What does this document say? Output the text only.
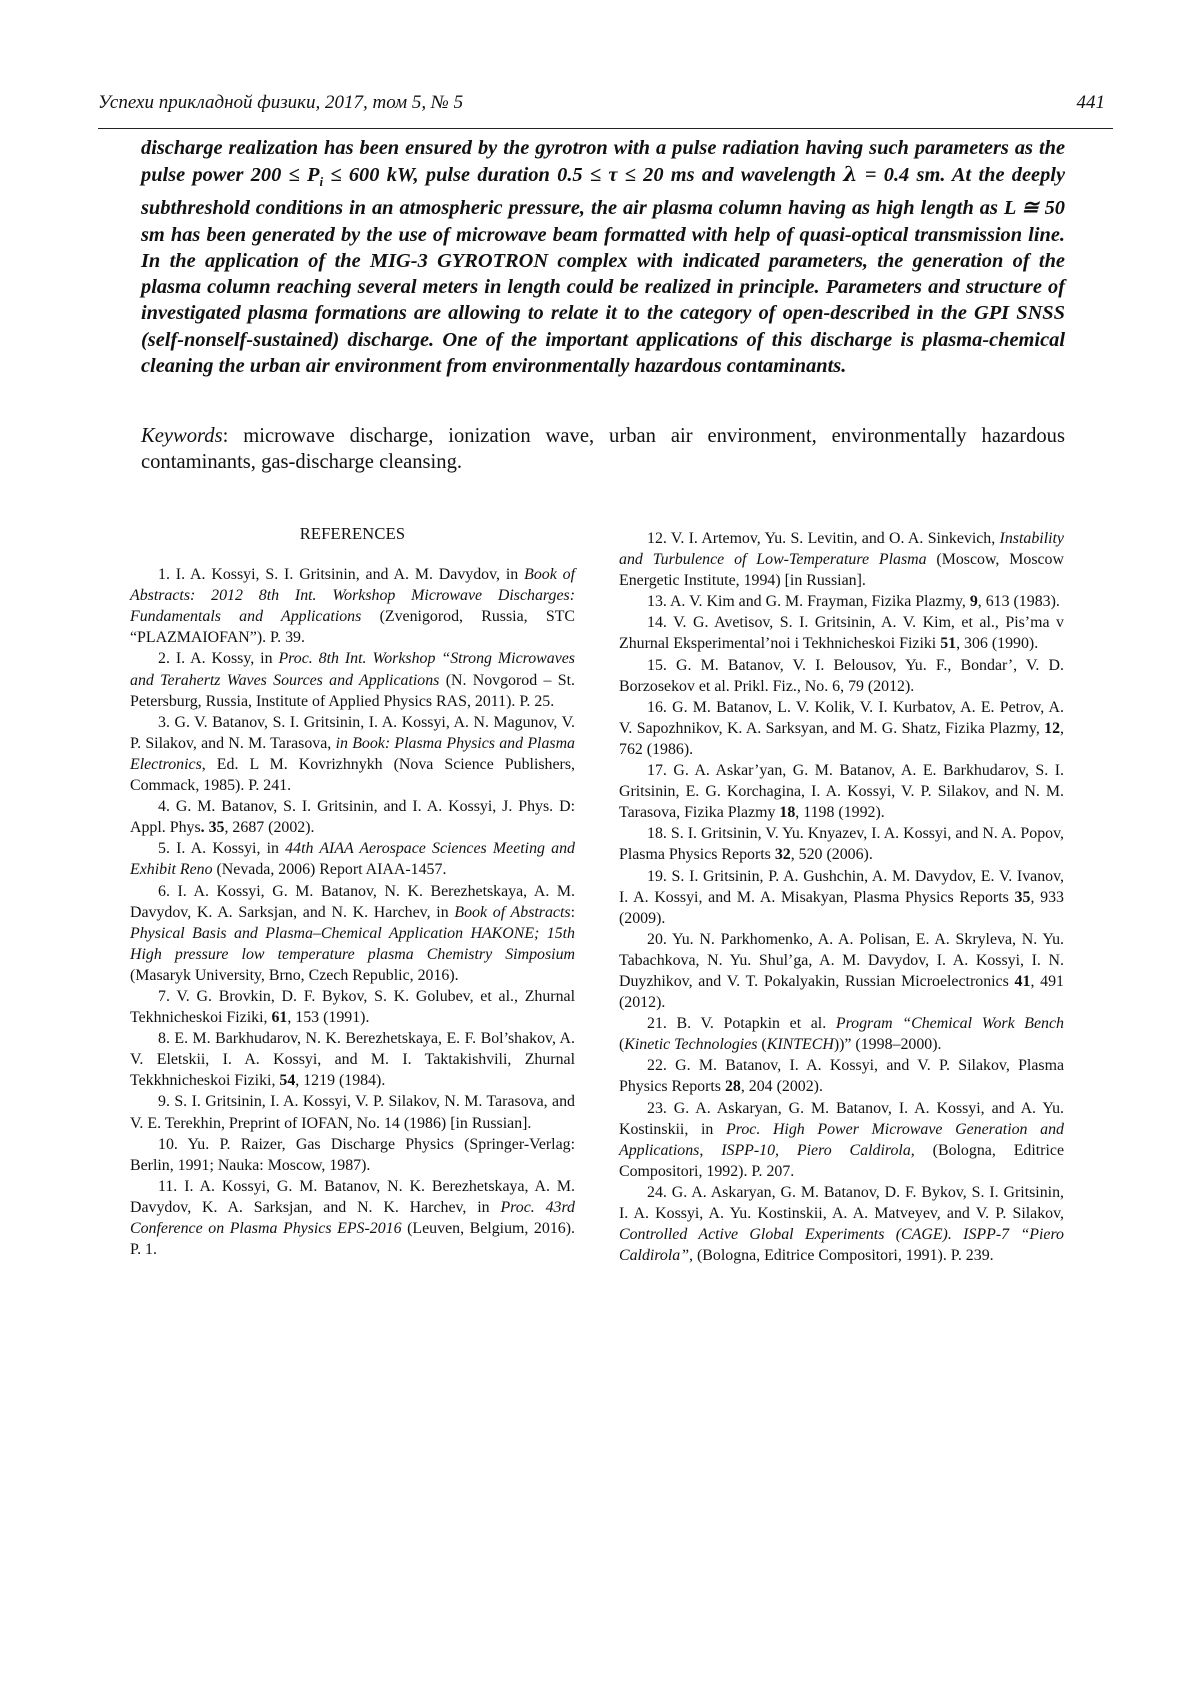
Успехи прикладной физики, 2017, том 5, № 5	441
discharge realization has been ensured by the gyrotron with a pulse radiation having such parameters as the pulse power $200 \le P_i \le 600$ kW, pulse duration 0.5 ≤ τ ≤ 20 ms and wavelength λ = 0.4 sm. At the deeply subthreshold conditions in an atmospheric pressure, the air plasma column having as high length as L ≅ 50 sm has been generated by the use of microwave beam formatted with help of quasi-optical transmission line. In the application of the MIG-3 GYROTRON complex with indicated parameters, the generation of the plasma column reaching several meters in length could be realized in principle. Parameters and structure of investigated plasma formations are allowing to relate it to the category of open-described in the GPI SNSS (self-nonself-sustained) discharge. One of the important applications of this discharge is plasma-chemical cleaning the urban air environment from environmentally hazardous contaminants.
Keywords: microwave discharge, ionization wave, urban air environment, environmentally hazardous contaminants, gas-discharge cleansing.

REFERENCES

1. I. A. Kossyi, S. I. Gritsinin, and A. M. Davydov, in Book of Abstracts: 2012 8th Int. Workshop Microwave Discharges: Fundamentals and Applications (Zvenigorod, Russia, STC “PLAZMAIOFAN”). P. 39.

2. I. A. Kossy, in Proc. 8th Int. Workshop “Strong Microwaves and Terahertz Waves Sources and Applications (N. Novgorod – St. Petersburg, Russia, Institute of Applied Physics RAS, 2011). P. 25.

3. G. V. Batanov, S. I. Gritsinin, I. A. Kossyi, A. N. Magunov, V. P. Silakov, and N. M. Tarasova, in Book: Plasma Physics and Plasma Electronics, Ed. L M. Kovrizhnykh (Nova Science Publishers, Commack, 1985). P. 241.

4. G. M. Batanov, S. I. Gritsinin, and I. A. Kossyi, J. Phys. D: Appl. Phys. 35, 2687 (2002).

5. I. A. Kossyi, in 44th AIAA Aerospace Sciences Meeting and Exhibit Reno (Nevada, 2006) Report AIAA-1457.

6. I. A. Kossyi, G. M. Batanov, N. K. Berezhetskaya, A. M. Davydov, K. A. Sarksjan, and N. K. Harchev, in Book of Abstracts: Physical Basis and Plasma–Chemical Application HAKONE; 15th High pressure low temperature plasma Chemistry Simposium (Masaryk University, Brno, Czech Republic, 2016).

7. V. G. Brovkin, D. F. Bykov, S. K. Golubev, et al., Zhurnal Tekhnicheskoi Fiziki, 61, 153 (1991).

8. E. M. Barkhudarov, N. K. Berezhetskaya, E. F. Bol’shakov, A. V. Eletskii, I. A. Kossyi, and M. I. Taktakishvili, Zhurnal Tekkhnicheskoi Fiziki, 54, 1219 (1984).

9. S. I. Gritsinin, I. A. Kossyi, V. P. Silakov, N. M. Tarasova, and V. E. Terekhin, Preprint of IOFAN, No. 14 (1986) [in Russian].

10. Yu. P. Raizer, Gas Discharge Physics (Springer-Verlag: Berlin, 1991; Nauka: Moscow, 1987).

11. I. A. Kossyi, G. M. Batanov, N. K. Berezhetskaya, A. M. Davydov, K. A. Sarksjan, and N. K. Harchev, in Proc. 43rd Conference on Plasma Physics EPS-2016 (Leuven, Belgium, 2016). P. 1.

12. V. I. Artemov, Yu. S. Levitin, and O. A. Sinkevich, Instability and Turbulence of Low-Temperature Plasma (Moscow, Moscow Energetic Institute, 1994) [in Russian].

13. A. V. Kim and G. M. Frayman, Fizika Plazmy, 9, 613 (1983).

14. V. G. Avetisov, S. I. Gritsinin, A. V. Kim, et al., Pis’ma v Zhurnal Eksperimental’noi i Tekhnicheskoi Fiziki 51, 306 (1990).

15. G. M. Batanov, V. I. Belousov, Yu. F., Bondar’, V. D. Borzosekov et al. Prikl. Fiz., No. 6, 79 (2012).

16. G. M. Batanov, L. V. Kolik, V. I. Kurbatov, A. E. Petrov, A. V. Sapozhnikov, K. A. Sarksyan, and M. G. Shatz, Fizika Plazmy, 12, 762 (1986).

17. G. A. Askar’yan, G. M. Batanov, A. E. Barkhudarov, S. I. Gritsinin, E. G. Korchagina, I. A. Kossyi, V. P. Silakov, and N. M. Tarasova, Fizika Plazmy 18, 1198 (1992).

18. S. I. Gritsinin, V. Yu. Knyazev, I. A. Kossyi, and N. A. Popov, Plasma Physics Reports 32, 520 (2006).

19. S. I. Gritsinin, P. A. Gushchin, A. M. Davydov, E. V. Ivanov, I. A. Kossyi, and M. A. Misakyan, Plasma Physics Reports 35, 933 (2009).

20. Yu. N. Parkhomenko, A. A. Polisan, E. A. Skryleva, N. Yu. Tabachkova, N. Yu. Shul’ga, A. M. Davydov, I. A. Kossyi, I. N. Duyzhikov, and V. T. Pokalyakin, Russian Microelectronics 41, 491 (2012).

21. B. V. Potapkin et al. Program “Chemical Work Bench (Kinetic Technologies (KINTECH))” (1998–2000).

22. G. M. Batanov, I. A. Kossyi, and V. P. Silakov, Plasma Physics Reports 28, 204 (2002).

23. G. A. Askaryan, G. M. Batanov, I. A. Kossyi, and A. Yu. Kostinskii, in Proc. High Power Microwave Generation and Applications, ISPP-10, Piero Caldirola, (Bologna, Editrice Compositori, 1992). P. 207.

24. G. A. Askaryan, G. M. Batanov, D. F. Bykov, S. I. Gritsinin, I. A. Kossyi, A. Yu. Kostinskii, A. A. Matveyev, and V. P. Silakov, Controlled Active Global Experiments (CAGE). ISPP-7 “Piero Caldirola”, (Bologna, Editrice Compositori, 1991). P. 239.
